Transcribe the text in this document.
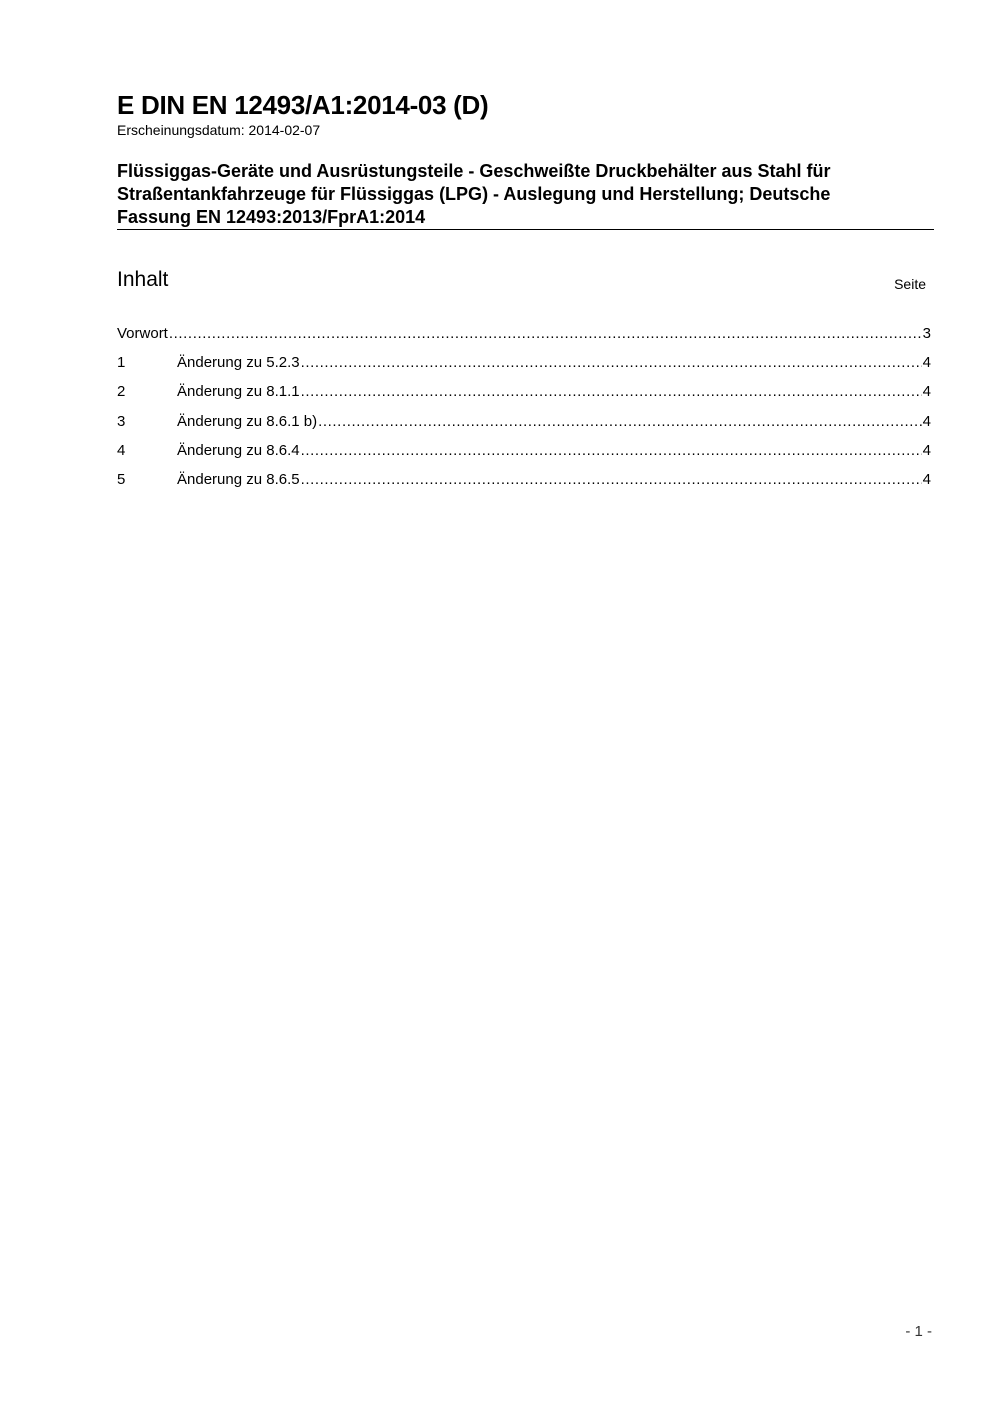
E DIN EN 12493/A1:2014-03 (D)
Erscheinungsdatum: 2014-02-07
Flüssiggas-Geräte und Ausrüstungsteile - Geschweißte Druckbehälter aus Stahl für
Straßentankfahrzeuge für Flüssiggas (LPG) - Auslegung und Herstellung; Deutsche
Fassung EN 12493:2013/FprA1:2014
Inhalt	Seite
Vorwort .....	3
1	Änderung zu 5.2.3 .....	4
2	Änderung zu 8.1.1 .....	4
3	Änderung zu 8.6.1 b) .....	4
4	Änderung zu 8.6.4 .....	4
5	Änderung zu 8.6.5 .....	4
- 1 -
